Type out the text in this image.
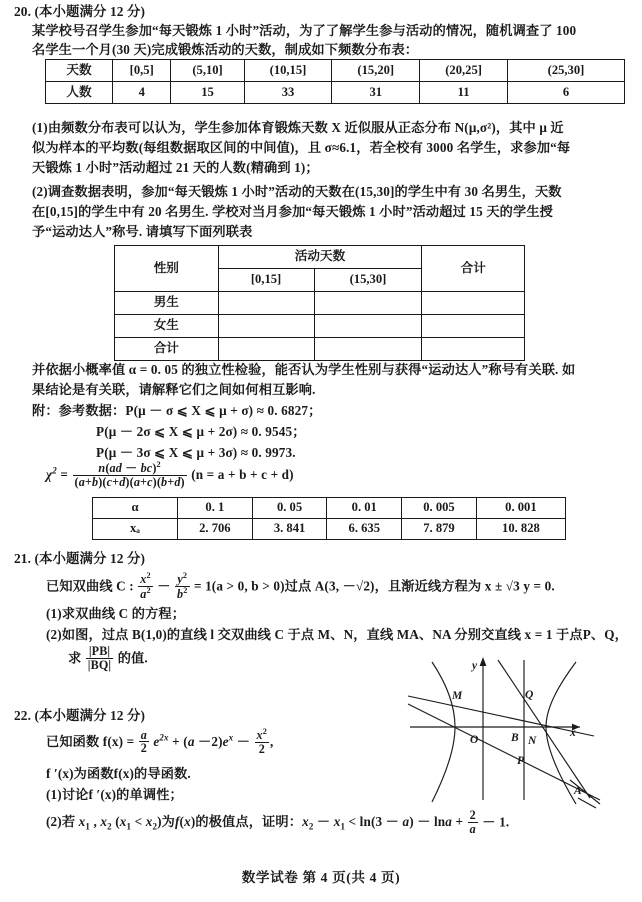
20. (本小题满分 12 分)
某学校号召学生参加“每天锻炼 1 小时”活动，为了了解学生参与活动的情况，随机调查了 100
名学生一个月(30 天)完成锻炼活动的天数，制成如下频数分布表：
天数	[0,5]	(5,10]	(10,15]	(15,20]	(20,25]	(25,30]
人数	4	15	33	31	11	6
(1)由频数分布表可以认为，学生参加体育锻炼天数 X 近似服从正态分布 N(μ,σ²)，其中 μ 近
似为样本的平均数(每组数据取区间的中间值)，且 σ≈6.1，若全校有 3000 名学生，求参加“每
天锻炼 1 小时”活动超过 21 天的人数(精确到 1)；
(2)调查数据表明，参加“每天锻炼 1 小时”活动的天数在(15,30]的学生中有 30 名男生，天数
在[0,15]的学生中有 20 名男生. 学校对当月参加“每天锻炼 1 小时”活动超过 15 天的学生授
予“运动达人”称号. 请填写下面列联表
性别	活动天数		合计
	[0,15]	(15,30]	
男生			
女生			
合计			
并依据小概率值 α = 0. 05 的独立性检验，能否认为学生性别与获得“运动达人”称号有关联. 如
果结论是有关联，请解释它们之间如何相互影响.
附：参考数据：P(μ － σ ⩽ X ⩽ μ + σ) ≈ 0. 6827；
P(μ － 2σ ⩽ X ⩽ μ + 2σ) ≈ 0. 9545；
P(μ － 3σ ⩽ X ⩽ μ + 3σ) ≈ 0. 9973.
$\chi^2 = \frac{n(ad - bc)^2}{(a+b)(c+d)(a+c)(b+d)} (n = a + b + c + d)$
α	0. 1	0. 05	0. 01	0. 005	0. 001
xₐ	2. 706	3. 841	6. 635	7. 879	10. 828
21. (本小题满分 12 分)
已知双曲线 C : $\frac{x^2}{a^2} - \frac{y^2}{b^2} = 1(a > 0$, b > 0)过点 A(3, －√2)，且渐近线方程为 x ± √3 y = 0.
(1)求双曲线 C 的方程；
(2)如图，过点 B(1,0)的直线 l 交双曲线 C 于点 M、N，直线 MA、NA 分别交直线 x = 1 于点P、Q，
求 $\frac{|PB|}{|BQ|}$ 的值.
x
y
M	Q
O	B N
P
A
22. (本小题满分 12 分)
已知函数 $f(x) = \frac{a}{2} e^{2x} + (a -2)e^x - \frac{x^2}{2}$ ,
f ′(x)为函数f(x)的导函数.
(1)讨论f ′(x)的单调性；
(2)若 $x_1$ , $x_2$ $(x_1 < x_2)$为f(x)的极值点，证明：$x_2 - x_1 < \ln(3 - a) - \ln a + \frac{2}{a} - 1$.
数学试卷 第 4 页(共 4 页)
